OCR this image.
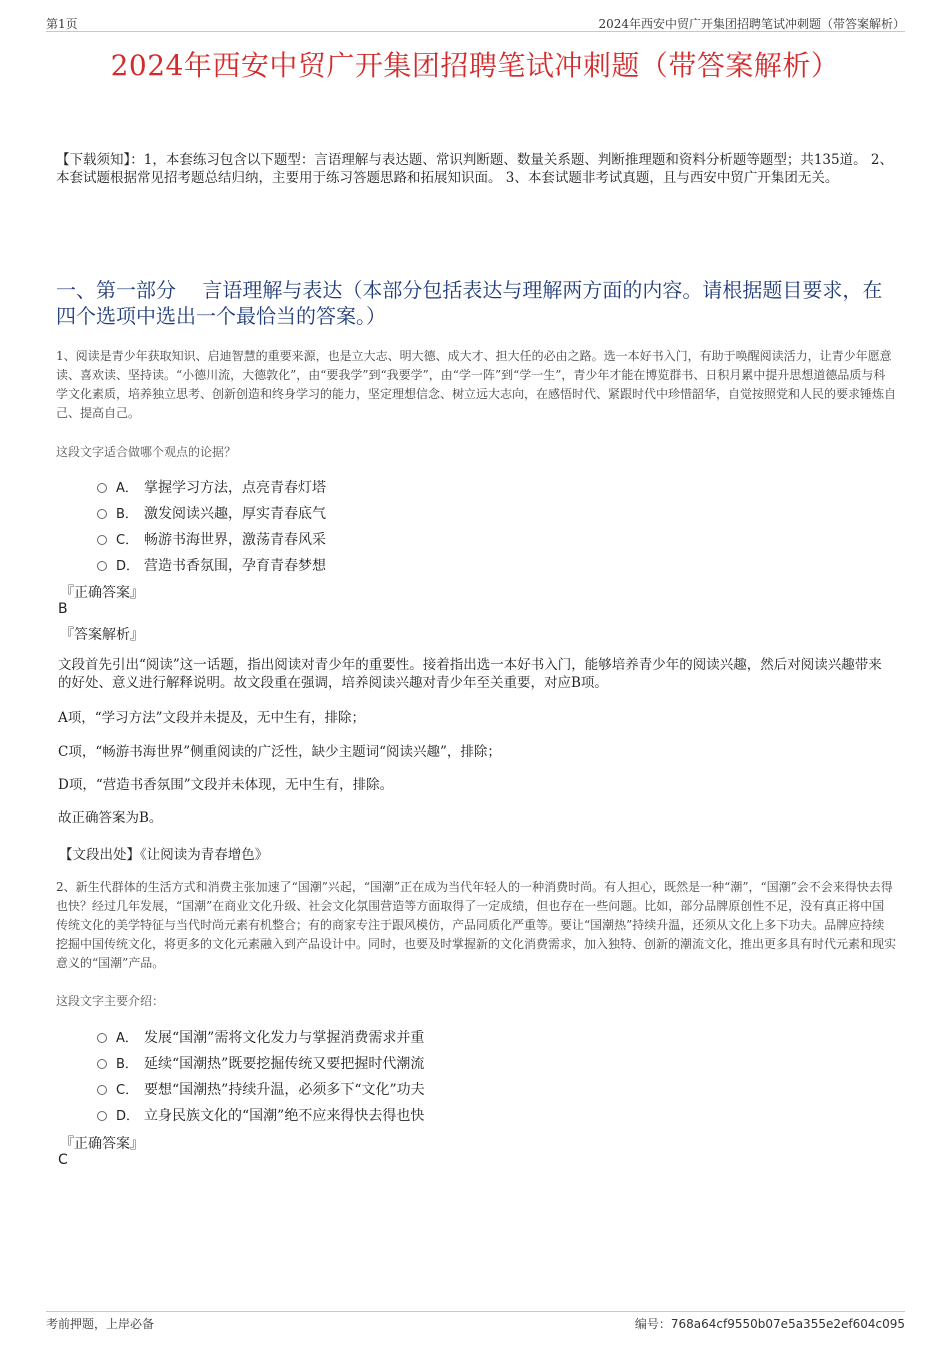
第1页	2024年西安中贸广开集团招聘笔试冲刺题（带答案解析）
2024年西安中贸广开集团招聘笔试冲刺题（带答案解析）
【下载须知】：1，本套练习包含以下题型：言语理解与表达题、常识判断题、数量关系题、判断推理题和资料分析题等题型；共135道。 2、本套试题根据常见招考题总结归纳，主要用于练习答题思路和拓展知识面。 3、本套试题非考试真题，且与西安中贸广开集团无关。
一、第一部分　 言语理解与表达（本部分包括表达与理解两方面的内容。请根据题目要求，在四个选项中选出一个最恰当的答案。）
1、阅读是青少年获取知识、启迪智慧的重要来源，也是立大志、明大德、成大才、担大任的必由之路。选一本好书入门，有助于唤醒阅读活力，让青少年愿意读、喜欢读、坚持读。“小德川流，大德敦化”，由“要我学”到“我要学”，由“学一阵”到“学一生”，青少年才能在博览群书、日积月累中提升思想道德品质与科学文化素质，培养独立思考、创新创造和终身学习的能力，坚定理想信念、树立远大志向，在感悟时代、紧跟时代中珍惜韶华，自觉按照党和人民的要求锤炼自己、提高自己。
这段文字适合做哪个观点的论据？
A． 掌握学习方法，点亮青春灯塔
B． 激发阅读兴趣，厚实青春底气
C． 畅游书海世界，激荡青春风采
D． 营造书香氛围，孕育青春梦想
『正确答案』
B
『答案解析』
文段首先引出“阅读”这一话题，指出阅读对青少年的重要性。接着指出选一本好书入门，能够培养青少年的阅读兴趣，然后对阅读兴趣带来的好处、意义进行解释说明。故文段重在强调，培养阅读兴趣对青少年至关重要，对应B项。
A项，“学习方法”文段并未提及，无中生有，排除；
C项，“畅游书海世界”侧重阅读的广泛性，缺少主题词“阅读兴趣”，排除；
D项，“营造书香氛围”文段并未体现，无中生有，排除。
故正确答案为B。
【文段出处】《让阅读为青春增色》
2、新生代群体的生活方式和消费主张加速了“国潮”兴起，“国潮”正在成为当代年轻人的一种消费时尚。有人担心，既然是一种“潮”，“国潮”会不会来得快去得也快？经过几年发展，“国潮”在商业文化升级、社会文化氛围营造等方面取得了一定成绩，但也存在一些问题。比如，部分品牌原创性不足，没有真正将中国传统文化的美学特征与当代时尚元素有机整合；有的商家专注于跟风模仿，产品同质化严重等。要让“国潮热”持续升温，还须从文化上多下功夫。品牌应持续挖掘中国传统文化，将更多的文化元素融入到产品设计中。同时，也要及时掌握新的文化消费需求，加入独特、创新的潮流文化，推出更多具有时代元素和现实意义的“国潮”产品。
这段文字主要介绍：
A． 发展“国潮”需将文化发力与掌握消费需求并重
B． 延续“国潮热”既要挖掘传统又要把握时代潮流
C． 要想“国潮热”持续升温，必须多下“文化”功夫
D． 立身民族文化的“国潮”绝不应来得快去得也快
『正确答案』
C
考前押题，上岸必备	编号：768a64cf9550b07e5a355e2ef604c095
